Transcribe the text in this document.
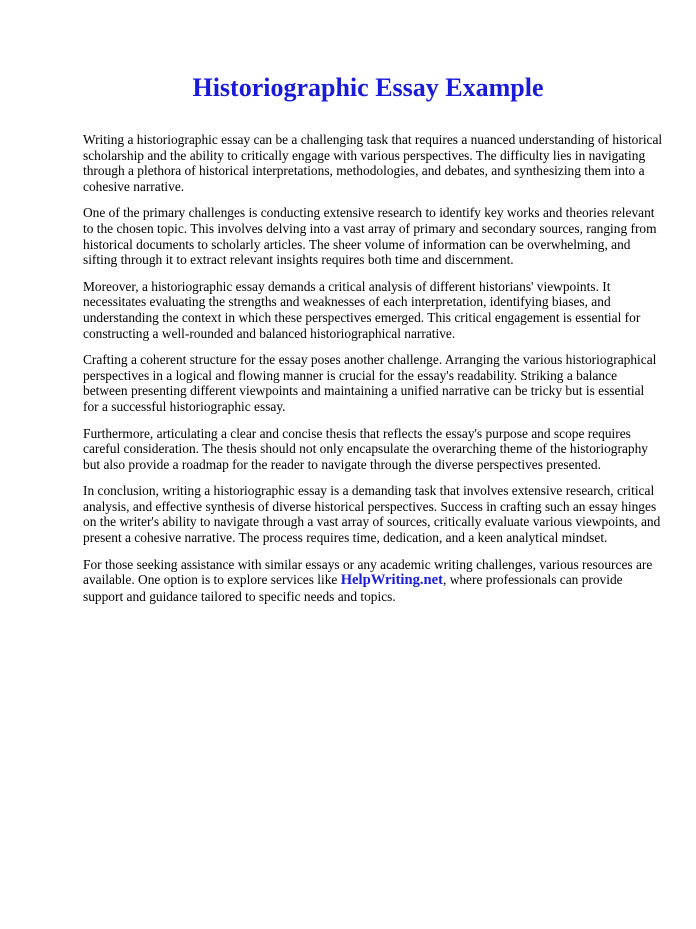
Historiographic Essay Example

Writing a historiographic essay can be a challenging task that requires a nuanced understanding of historical scholarship and the ability to critically engage with various perspectives. The difficulty lies in navigating through a plethora of historical interpretations, methodologies, and debates, and synthesizing them into a cohesive narrative.

One of the primary challenges is conducting extensive research to identify key works and theories relevant to the chosen topic. This involves delving into a vast array of primary and secondary sources, ranging from historical documents to scholarly articles. The sheer volume of information can be overwhelming, and sifting through it to extract relevant insights requires both time and discernment.

Moreover, a historiographic essay demands a critical analysis of different historians' viewpoints. It necessitates evaluating the strengths and weaknesses of each interpretation, identifying biases, and understanding the context in which these perspectives emerged. This critical engagement is essential for constructing a well-rounded and balanced historiographical narrative.

Crafting a coherent structure for the essay poses another challenge. Arranging the various historiographical perspectives in a logical and flowing manner is crucial for the essay's readability. Striking a balance between presenting different viewpoints and maintaining a unified narrative can be tricky but is essential for a successful historiographic essay.

Furthermore, articulating a clear and concise thesis that reflects the essay's purpose and scope requires careful consideration. The thesis should not only encapsulate the overarching theme of the historiography but also provide a roadmap for the reader to navigate through the diverse perspectives presented.

In conclusion, writing a historiographic essay is a demanding task that involves extensive research, critical analysis, and effective synthesis of diverse historical perspectives. Success in crafting such an essay hinges on the writer's ability to navigate through a vast array of sources, critically evaluate various viewpoints, and present a cohesive narrative. The process requires time, dedication, and a keen analytical mindset.

For those seeking assistance with similar essays or any academic writing challenges, various resources are available. One option is to explore services like HelpWriting.net, where professionals can provide support and guidance tailored to specific needs and topics.
